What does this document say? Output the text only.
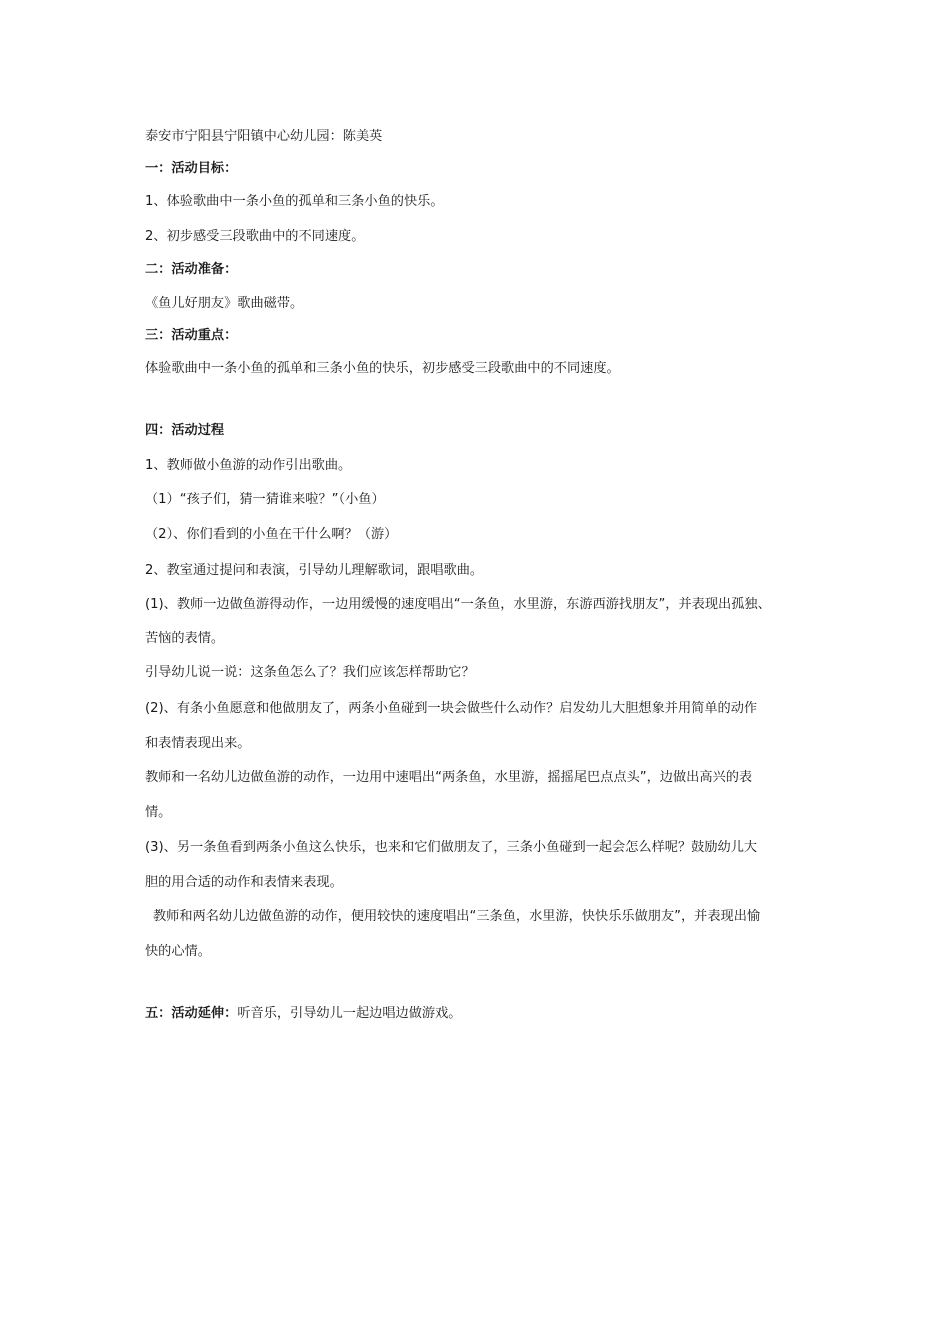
泰安市宁阳县宁阳镇中心幼儿园：陈美英
一：活动目标：
1、体验歌曲中一条小鱼的孤单和三条小鱼的快乐。
2、初步感受三段歌曲中的不同速度。
二：活动准备：
《鱼儿好朋友》歌曲磁带。
三：活动重点：
体验歌曲中一条小鱼的孤单和三条小鱼的快乐，初步感受三段歌曲中的不同速度。
四：活动过程
1、教师做小鱼游的动作引出歌曲。
（1）“孩子们，猜一猜谁来啦？”（小鱼）
（2）、你们看到的小鱼在干什么啊？（游）
2、教室通过提问和表演，引导幼儿理解歌词，跟唱歌曲。
(1)、教师一边做鱼游得动作，一边用缓慢的速度唱出“一条鱼，水里游，东游西游找朋友”，并表现出孤独、
苦恼的表情。
引导幼儿说一说：这条鱼怎么了？我们应该怎样帮助它？
(2)、有条小鱼愿意和他做朋友了，两条小鱼碰到一块会做些什么动作？启发幼儿大胆想象并用简单的动作
和表情表现出来。
教师和一名幼儿边做鱼游的动作，一边用中速唱出“两条鱼，水里游，摇摇尾巴点点头”，边做出高兴的表
情。
(3)、另一条鱼看到两条小鱼这么快乐，也来和它们做朋友了，三条小鱼碰到一起会怎么样呢？鼓励幼儿大
胆的用合适的动作和表情来表现。
教师和两名幼儿边做鱼游的动作，便用较快的速度唱出“三条鱼，水里游，快快乐乐做朋友”，并表现出愉
快的心情。
五：活动延伸：听音乐，引导幼儿一起边唱边做游戏。
